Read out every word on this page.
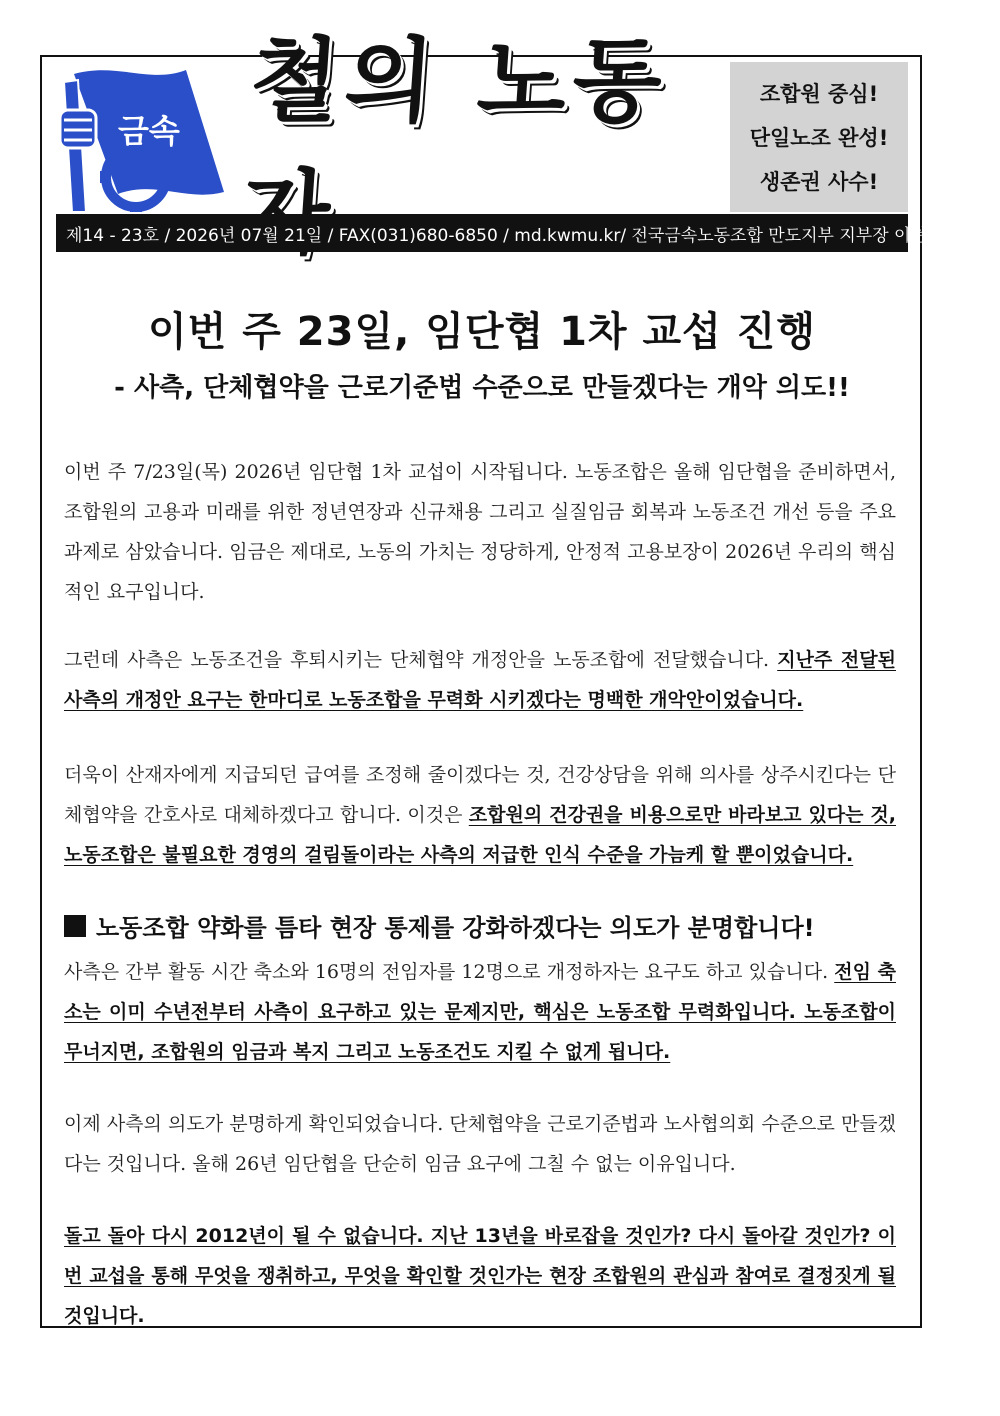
금속 철의 노동자
조합원 중심!
단일노조 완성!
생존권 사수!
제14 - 23호 / 2026년 07월 21일 / FAX(031)680-6850 / md.kwmu.kr/ 전국금속노동조합 만도지부 지부장 이현우
이번 주 23일, 임단협 1차 교섭 진행
- 사측, 단체협약을 근로기준법 수준으로 만들겠다는 개악 의도!!

이번 주 7/23일(목) 2026년 임단협 1차 교섭이 시작됩니다. 노동조합은 올해 임단협을 준비하면서, 조합원의 고용과 미래를 위한 정년연장과 신규채용 그리고 실질임금 회복과 노동조건 개선 등을 주요 과제로 삼았습니다. 임금은 제대로, 노동의 가치는 정당하게, 안정적 고용보장이 2026년 우리의 핵심적인 요구입니다.

그런데 사측은 노동조건을 후퇴시키는 단체협약 개정안을 노동조합에 전달했습니다. 지난주 전달된 사측의 개정안 요구는 한마디로 노동조합을 무력화 시키겠다는 명백한 개악안이었습니다.

더욱이 산재자에게 지급되던 급여를 조정해 줄이겠다는 것, 건강상담을 위해 의사를 상주시킨다는 단체협약을 간호사로 대체하겠다고 합니다. 이것은 조합원의 건강권을 비용으로만 바라보고 있다는 것, 노동조합은 불필요한 경영의 걸림돌이라는 사측의 저급한 인식 수준을 가늠케 할 뿐이었습니다.

노동조합 약화를 틈타 현장 통제를 강화하겠다는 의도가 분명합니다!

사측은 간부 활동 시간 축소와 16명의 전임자를 12명으로 개정하자는 요구도 하고 있습니다. 전임 축소는 이미 수년전부터 사측이 요구하고 있는 문제지만, 핵심은 노동조합 무력화입니다. 노동조합이 무너지면, 조합원의 임금과 복지 그리고 노동조건도 지킬 수 없게 됩니다.

이제 사측의 의도가 분명하게 확인되었습니다. 단체협약을 근로기준법과 노사협의회 수준으로 만들겠다는 것입니다. 올해 26년 임단협을 단순히 임금 요구에 그칠 수 없는 이유입니다.

돌고 돌아 다시 2012년이 될 수 없습니다. 지난 13년을 바로잡을 것인가? 다시 돌아갈 것인가? 이번 교섭을 통해 무엇을 쟁취하고, 무엇을 확인할 것인가는 현장 조합원의 관심과 참여로 결정짓게 될 것입니다.
